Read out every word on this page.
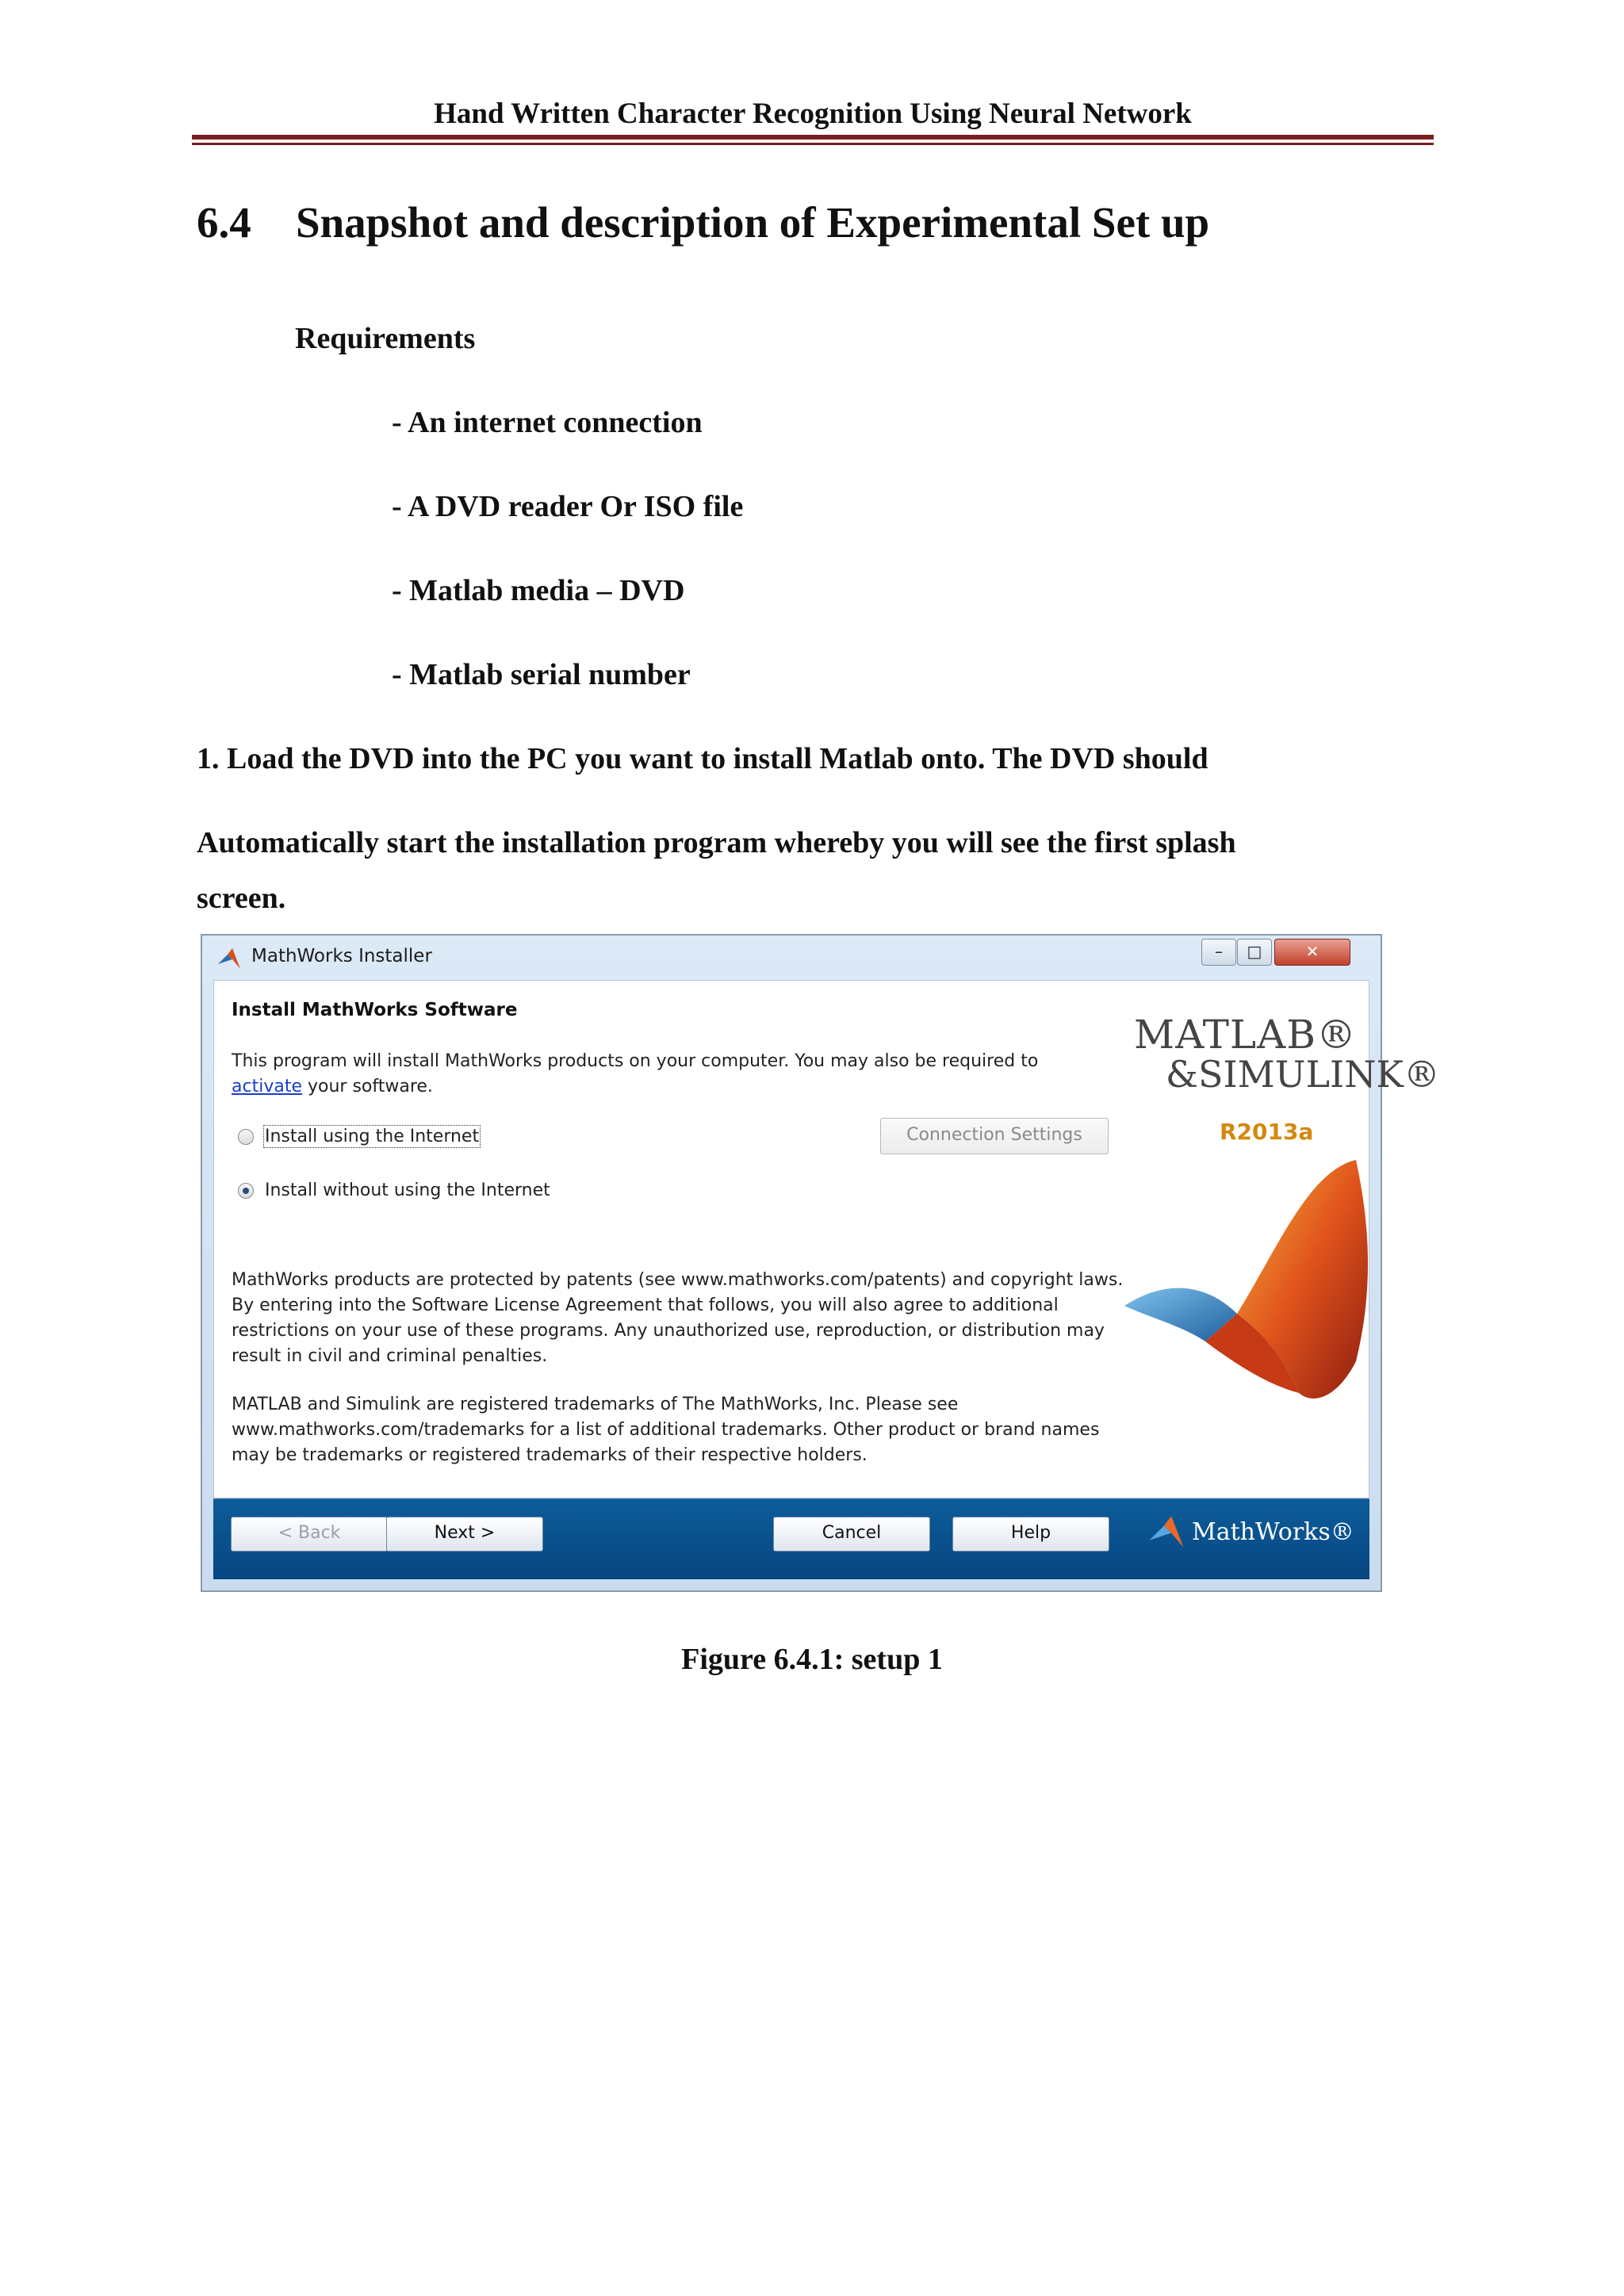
Hand Written Character Recognition Using Neural Network
6.4 Snapshot and description of Experimental Set up
Requirements
- An internet connection
- A DVD reader Or ISO file
- Matlab media – DVD
- Matlab serial number
1. Load the DVD into the PC you want to install Matlab onto. The DVD should
Automatically start the installation program whereby you will see the first splash
screen.
MathWorks Installer	–	□	✕
Install MathWorks Software
This program will install MathWorks products on your computer. You may also be required to
activate your software.
Install using the Internet	Connection Settings
Install without using the Internet
MathWorks products are protected by patents (see www.mathworks.com/patents) and copyright laws. By entering into the Software License Agreement that follows, you will also agree to additional restrictions on your use of these programs. Any unauthorized use, reproduction, or distribution may result in civil and criminal penalties.
MATLAB and Simulink are registered trademarks of The MathWorks, Inc. Please see www.mathworks.com/trademarks for a list of additional trademarks. Other product or brand names may be trademarks or registered trademarks of their respective holders.
MATLAB®
&SIMULINK®
R2013a
< Back	Next >	Cancel	Help	MathWorks®
Figure 6.4.1: setup 1
